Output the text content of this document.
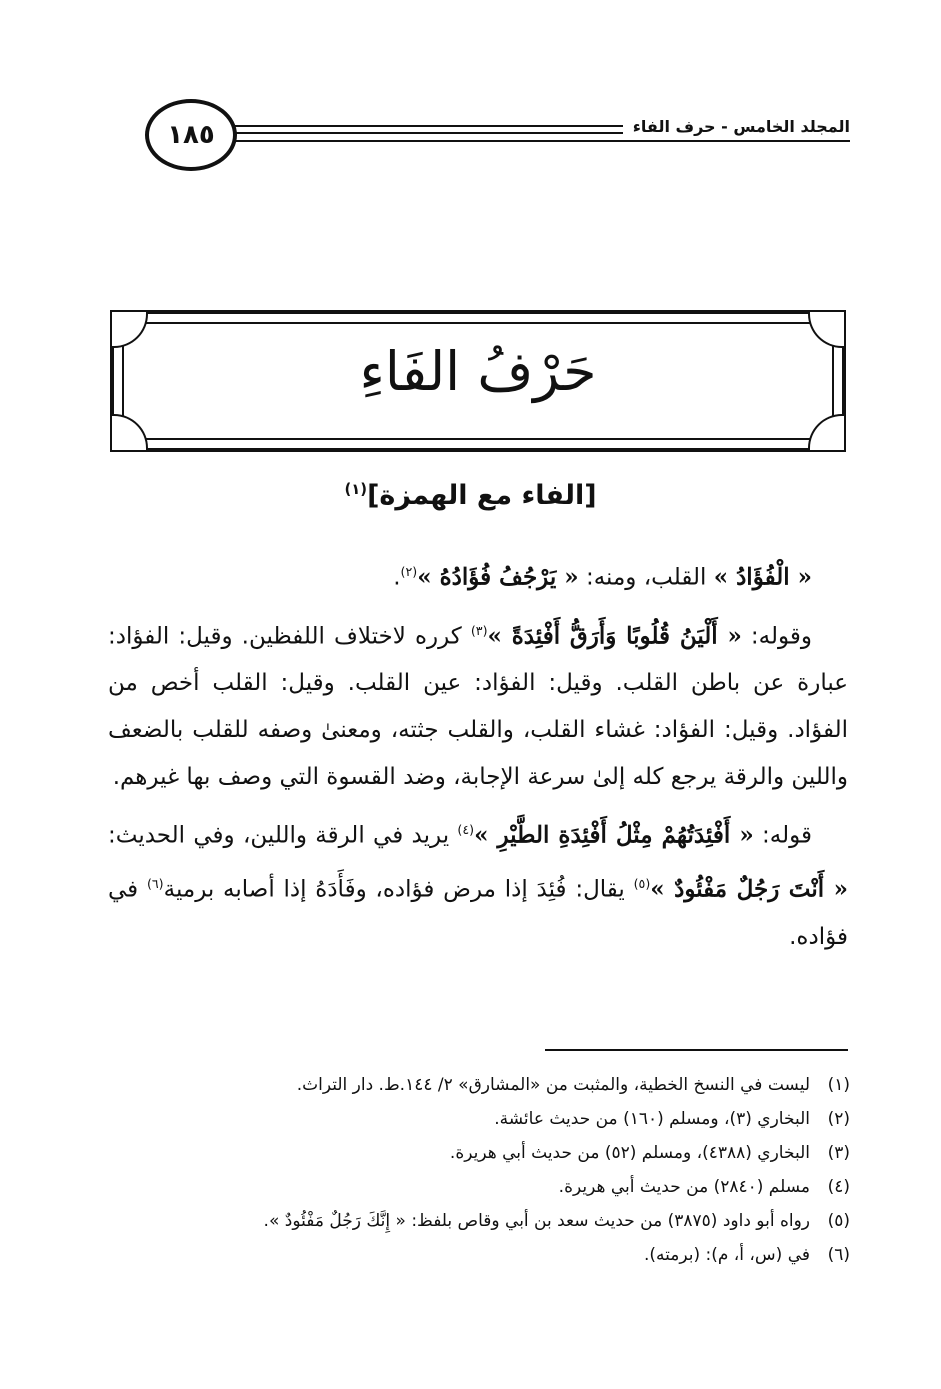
المجلد الخامس - حرف الفاء
١٨٥
حَرْفُ الفَاءِ
[الفاء مع الهمزة]$^{(١)}$

« الْفُؤَادُ » القلب، ومنه: « يَرْجُفُ فُؤَادُهُ »$^{(٢)}$.

وقوله: « أَلْيَنُ قُلُوبًا وَأَرَقُّ أَفْئِدَةً »$^{(٣)}$ كرره لاختلاف اللفظين. وقيل: الفؤاد: عبارة عن باطن القلب. وقيل: الفؤاد: عين القلب. وقيل: القلب أخص من الفؤاد. وقيل: الفؤاد: غشاء القلب، والقلب جثته، ومعنىٰ وصفه للقلب بالضعف واللين والرقة يرجع كله إلىٰ سرعة الإجابة، وضد القسوة التي وصف بها غيرهم.

قوله: « أَفْئِدَتُهُمْ مِثْلُ أَفْئِدَةِ الطَّيْرِ »$^{(٤)}$ يريد في الرقة واللين، وفي الحديث: « أَنْتَ رَجُلٌ مَفْئُودٌ »$^{(٥)}$ يقال: فُئِدَ إذا مرض فؤاده، وفَأَدَهُ إذا أصابه برمية$^{(٦)}$ في فؤاده.

(١)ليست في النسخ الخطية، والمثبت من «المشارق» ٢/ ١٤٤.ط. دار التراث.
(٢)البخاري (٣)، ومسلم (١٦٠) من حديث عائشة.
(٣)البخاري (٤٣٨٨)، ومسلم (٥٢) من حديث أبي هريرة.
(٤)مسلم (٢٨٤٠) من حديث أبي هريرة.
(٥)رواه أبو داود (٣٨٧٥) من حديث سعد بن أبي وقاص بلفظ: « إِنَّكَ رَجُلٌ مَفْئُودٌ ».
(٦)في (س، أ، م): (برمته).
